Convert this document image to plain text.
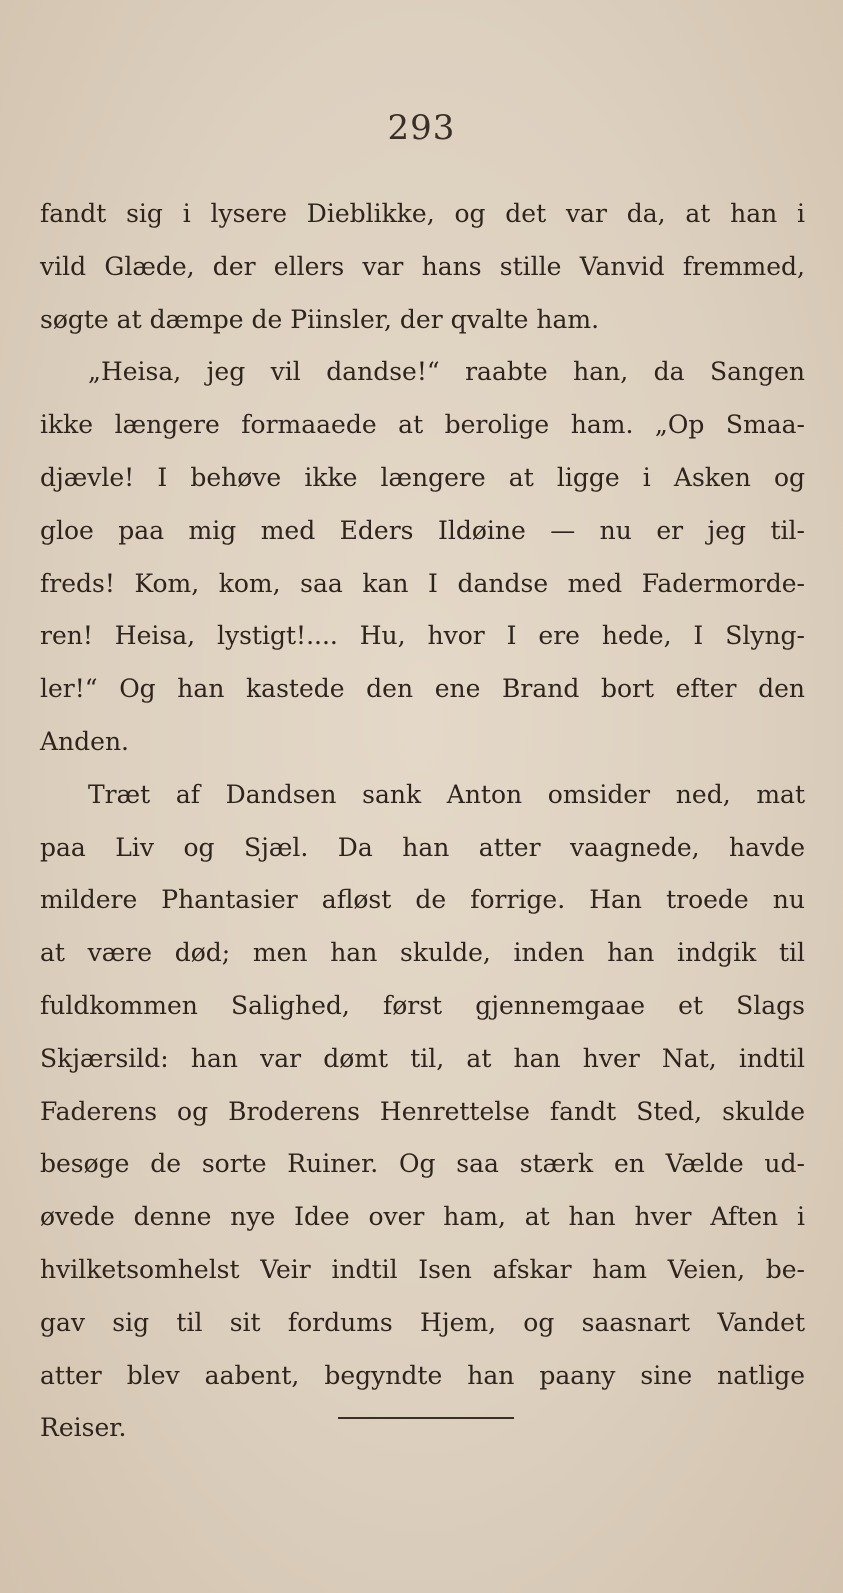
293
fandt sig i lysere Dieblikke, og det var da, at han i
vild Glæde, der ellers var hans stille Vanvid fremmed,
søgte at dæmpe de Piinsler, der qvalte ham.
„Heisa, jeg vil dandse!“ raabte han, da Sangen
ikke længere formaaede at berolige ham. „Op Smaa-
djævle! I behøve ikke længere at ligge i Asken og
gloe paa mig med Eders Ildøine — nu er jeg til-
freds! Kom, kom, saa kan I dandse med Fadermorde-
ren! Heisa, lystigt!.... Hu, hvor I ere hede, I Slyng-
ler!“ Og han kastede den ene Brand bort efter den
Anden.
Træt af Dandsen sank Anton omsider ned, mat
paa Liv og Sjæl. Da han atter vaagnede, havde
mildere Phantasier afløst de forrige. Han troede nu
at være død; men han skulde, inden han indgik til
fuldkommen Salighed, først gjennemgaae et Slags
Skjærsild: han var dømt til, at han hver Nat, indtil
Faderens og Broderens Henrettelse fandt Sted, skulde
besøge de sorte Ruiner. Og saa stærk en Vælde ud-
øvede denne nye Idee over ham, at han hver Aften i
hvilketsomhelst Veir indtil Isen afskar ham Veien, be-
gav sig til sit fordums Hjem, og saasnart Vandet
atter blev aabent, begyndte han paany sine natlige
Reiser.
